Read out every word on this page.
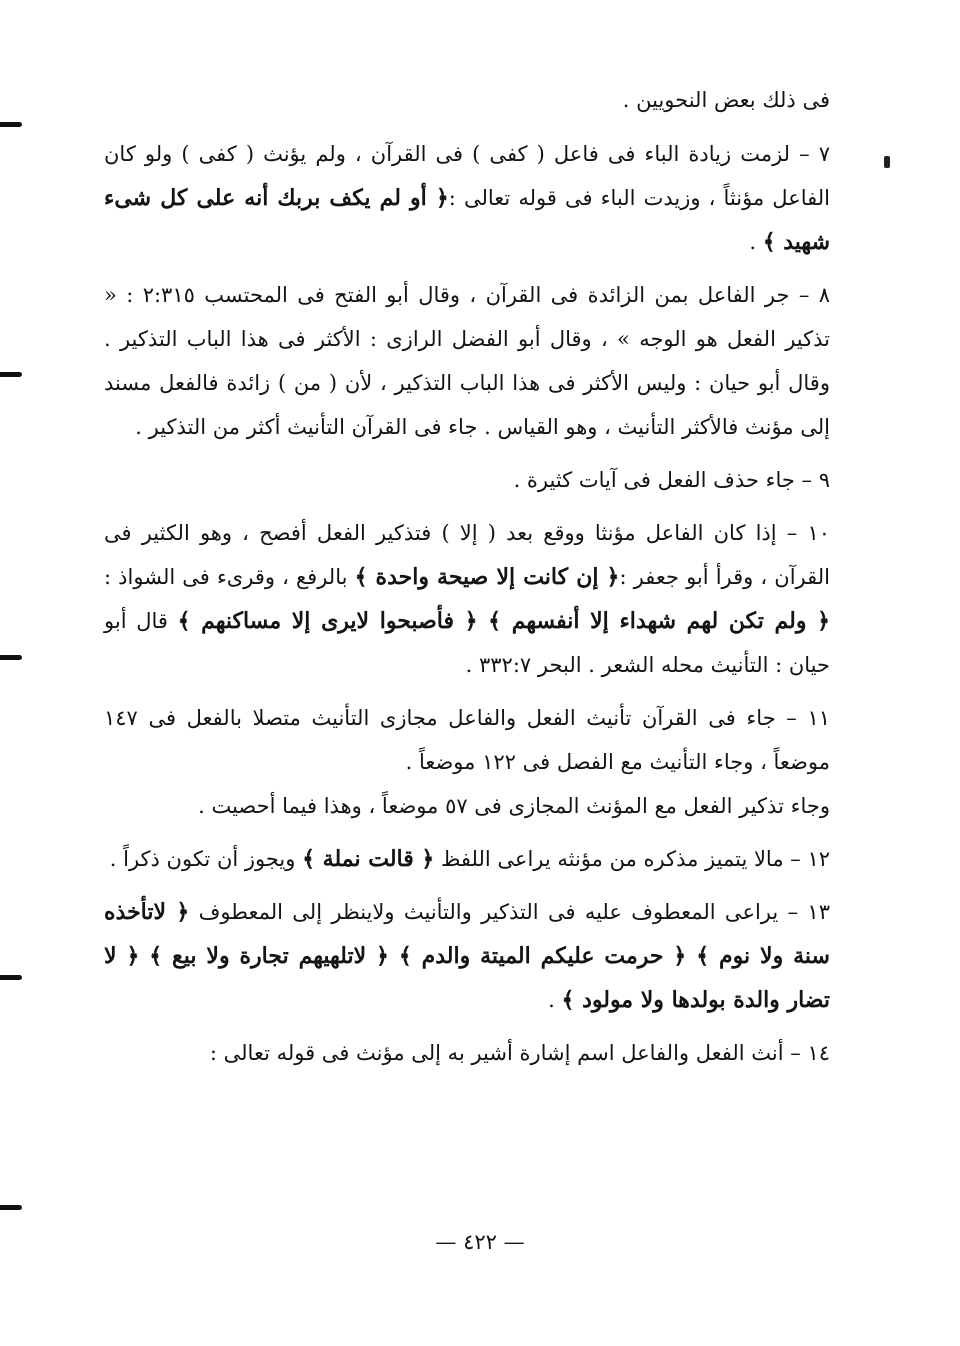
فى ذلك بعض النحويين .
٧ – لزمت زيادة الباء فى فاعل ( كفى ) فى القرآن ، ولم يؤنث ( كفى ) ولو كان الفاعل مؤنثاً ، وزيدت الباء فى قوله تعالى :﴿ أو لم يكف بربك أنه على كل شىء شهيد ﴾ .
٨ – جر الفاعل بمن الزائدة فى القرآن ، وقال أبو الفتح فى المحتسب ٢:٣١٥ : « تذكير الفعل هو الوجه » ، وقال أبو الفضل الرازى : الأكثر فى هذا الباب التذكير . وقال أبو حيان : وليس الأكثر فى هذا الباب التذكير ، لأن ( من ) زائدة فالفعل مسند إلى مؤنث فالأكثر التأنيث ، وهو القياس . جاء فى القرآن التأنيث أكثر من التذكير .
٩ – جاء حذف الفعل فى آيات كثيرة .
١٠ – إذا كان الفاعل مؤنثا ووقع بعد ( إلا ) فتذكير الفعل أفصح ، وهو الكثير فى القرآن ، وقرأ أبو جعفر :﴿ إن كانت إلا صيحة واحدة ﴾ بالرفع ، وقرىء فى الشواذ :﴿ ولم تكن لهم شهداء إلا أنفسهم ﴾ ﴿ فأصبحوا لايرى إلا مساكنهم ﴾ قال أبو حيان : التأنيث محله الشعر . البحر ٣٣٢:٧ .
١١ – جاء فى القرآن تأنيث الفعل والفاعل مجازى التأنيث متصلا بالفعل فى ١٤٧ موضعاً ، وجاء التأنيث مع الفصل فى ١٢٢ موضعاً .
وجاء تذكير الفعل مع المؤنث المجازى فى ٥٧ موضعاً ، وهذا فيما أحصيت .
١٢ – مالا يتميز مذكره من مؤنثه يراعى اللفظ ﴿ قالت نملة ﴾ ويجوز أن تكون ذكراً .
١٣ – يراعى المعطوف عليه فى التذكير والتأنيث ولاينظر إلى المعطوف ﴿ لاتأخذه سنة ولا نوم ﴾ ﴿ حرمت عليكم الميتة والدم ﴾ ﴿ لاتلهيهم تجارة ولا بيع ﴾ ﴿ لا تضار والدة بولدها ولا مولود ﴾ .
١٤ – أنث الفعل والفاعل اسم إشارة أشير به إلى مؤنث فى قوله تعالى :
— ٤٢٢ —
